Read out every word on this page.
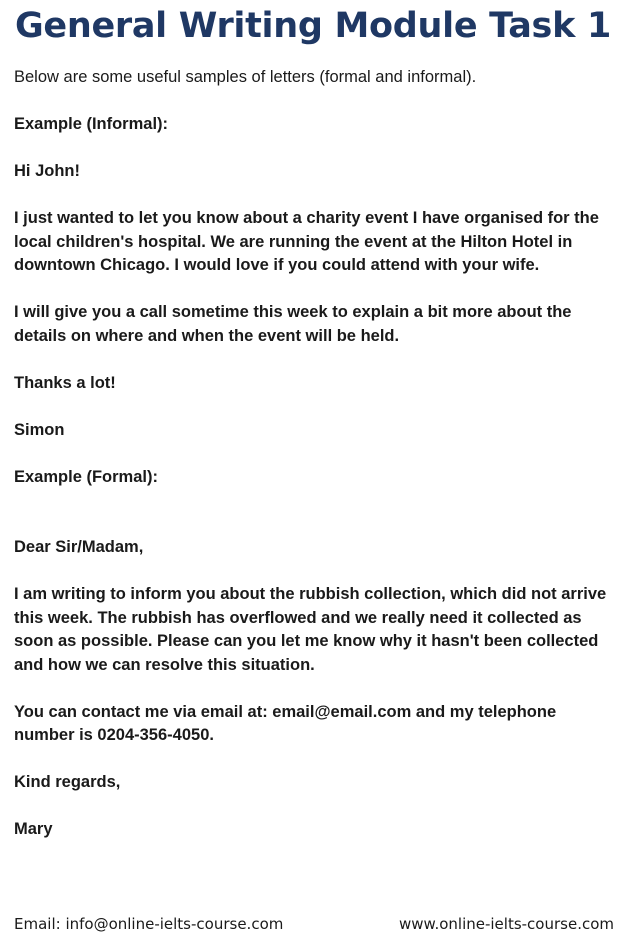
General Writing Module Task 1

Below are some useful samples of letters (formal and informal).

Example (Informal):

Hi John!

I just wanted to let you know about a charity event I have organised for the local children's hospital. We are running the event at the Hilton Hotel in downtown Chicago. I would love if you could attend with your wife.

I will give you a call sometime this week to explain a bit more about the details on where and when the event will be held.

Thanks a lot!

Simon

Example (Formal):

Dear Sir/Madam,

I am writing to inform you about the rubbish collection, which did not arrive this week. The rubbish has overflowed and we really need it collected as soon as possible. Please can you let me know why it hasn't been collected and how we can resolve this situation.

You can contact me via email at: email@email.com and my telephone number is 0204-356-4050.

Kind regards,

Mary

Email: info@online-ielts-course.com	www.online-ielts-course.com
